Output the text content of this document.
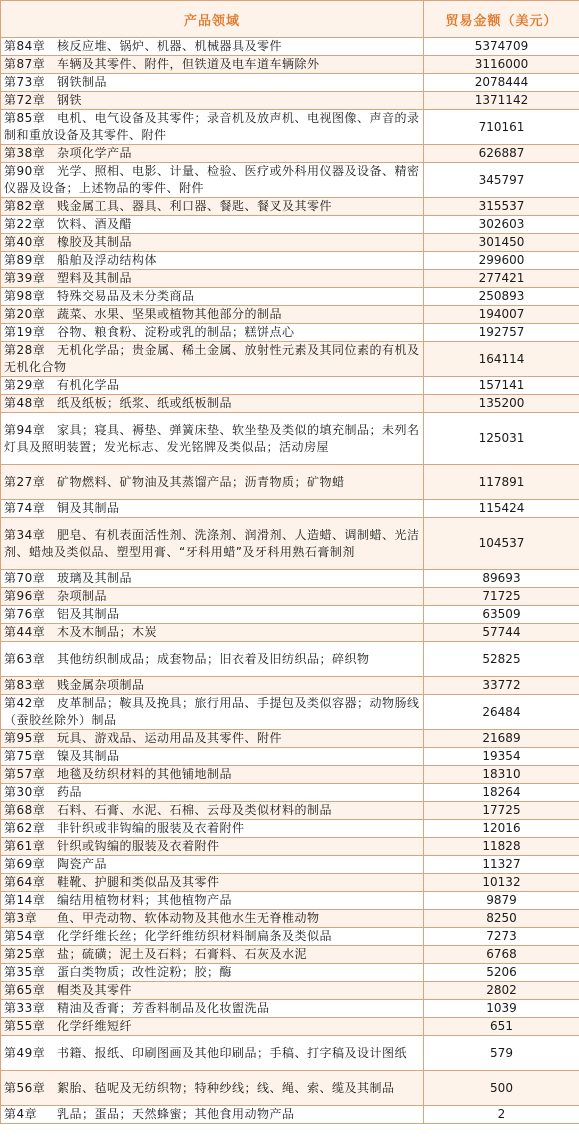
产品领域	贸易金额（美元）
第84章 核反应堆、锅炉、机器、机械器具及零件	5374709
第87章 车辆及其零件、附件，但铁道及电车道车辆除外	3116000
第73章 钢铁制品	2078444
第72章 钢铁	1371142
第85章 电机、电气设备及其零件；录音机及放声机、电视图像、声音的录制和重放设备及其零件、附件	710161
第38章 杂项化学产品	626887
第90章 光学、照相、电影、计量、检验、医疗或外科用仪器及设备、精密仪器及设备；上述物品的零件、附件	345797
第82章 贱金属工具、器具、利口器、餐匙、餐叉及其零件	315537
第22章 饮料、酒及醋	302603
第40章 橡胶及其制品	301450
第89章 船舶及浮动结构体	299600
第39章 塑料及其制品	277421
第98章 特殊交易品及未分类商品	250893
第20章 蔬菜、水果、坚果或植物其他部分的制品	194007
第19章 谷物、粮食粉、淀粉或乳的制品；糕饼点心	192757
第28章 无机化学品；贵金属、稀土金属、放射性元素及其同位素的有机及无机化合物	164114
第29章 有机化学品	157141
第48章 纸及纸板；纸浆、纸或纸板制品	135200
第94章 家具；寝具、褥垫、弹簧床垫、软坐垫及类似的填充制品；未列名灯具及照明装置；发光标志、发光铭牌及类似品；活动房屋	125031
第27章 矿物燃料、矿物油及其蒸馏产品；沥青物质；矿物蜡	117891
第74章 铜及其制品	115424
第34章 肥皂、有机表面活性剂、洗涤剂、润滑剂、人造蜡、调制蜡、光洁剂、蜡烛及类似品、塑型用膏、“牙科用蜡”及牙科用熟石膏制剂	104537
第70章 玻璃及其制品	89693
第96章 杂项制品	71725
第76章 铝及其制品	63509
第44章 木及木制品；木炭	57744
第63章 其他纺织制成品；成套物品；旧衣着及旧纺织品；碎织物	52825
第83章 贱金属杂项制品	33772
第42章 皮革制品；鞍具及挽具；旅行用品、手提包及类似容器；动物肠线（蚕胶丝除外）制品	26484
第95章 玩具、游戏品、运动用品及其零件、附件	21689
第75章 镍及其制品	19354
第57章 地毯及纺织材料的其他铺地制品	18310
第30章 药品	18264
第68章 石料、石膏、水泥、石棉、云母及类似材料的制品	17725
第62章 非针织或非钩编的服装及衣着附件	12016
第61章 针织或钩编的服装及衣着附件	11828
第69章 陶瓷产品	11327
第64章 鞋靴、护腿和类似品及其零件	10132
第14章 编结用植物材料；其他植物产品	9879
第3章 鱼、甲壳动物、软体动物及其他水生无脊椎动物	8250
第54章 化学纤维长丝；化学纤维纺织材料制扁条及类似品	7273
第25章 盐；硫磺；泥土及石料；石膏料、石灰及水泥	6768
第35章 蛋白类物质；改性淀粉；胶；酶	5206
第65章 帽类及其零件	2802
第33章 精油及香膏；芳香料制品及化妆盥洗品	1039
第55章 化学纤维短纤	651
第49章 书籍、报纸、印刷图画及其他印刷品；手稿、打字稿及设计图纸	579
第56章 絮胎、毡呢及无纺织物；特种纱线；线、绳、索、缆及其制品	500
第4章 乳品；蛋品；天然蜂蜜；其他食用动物产品	2
